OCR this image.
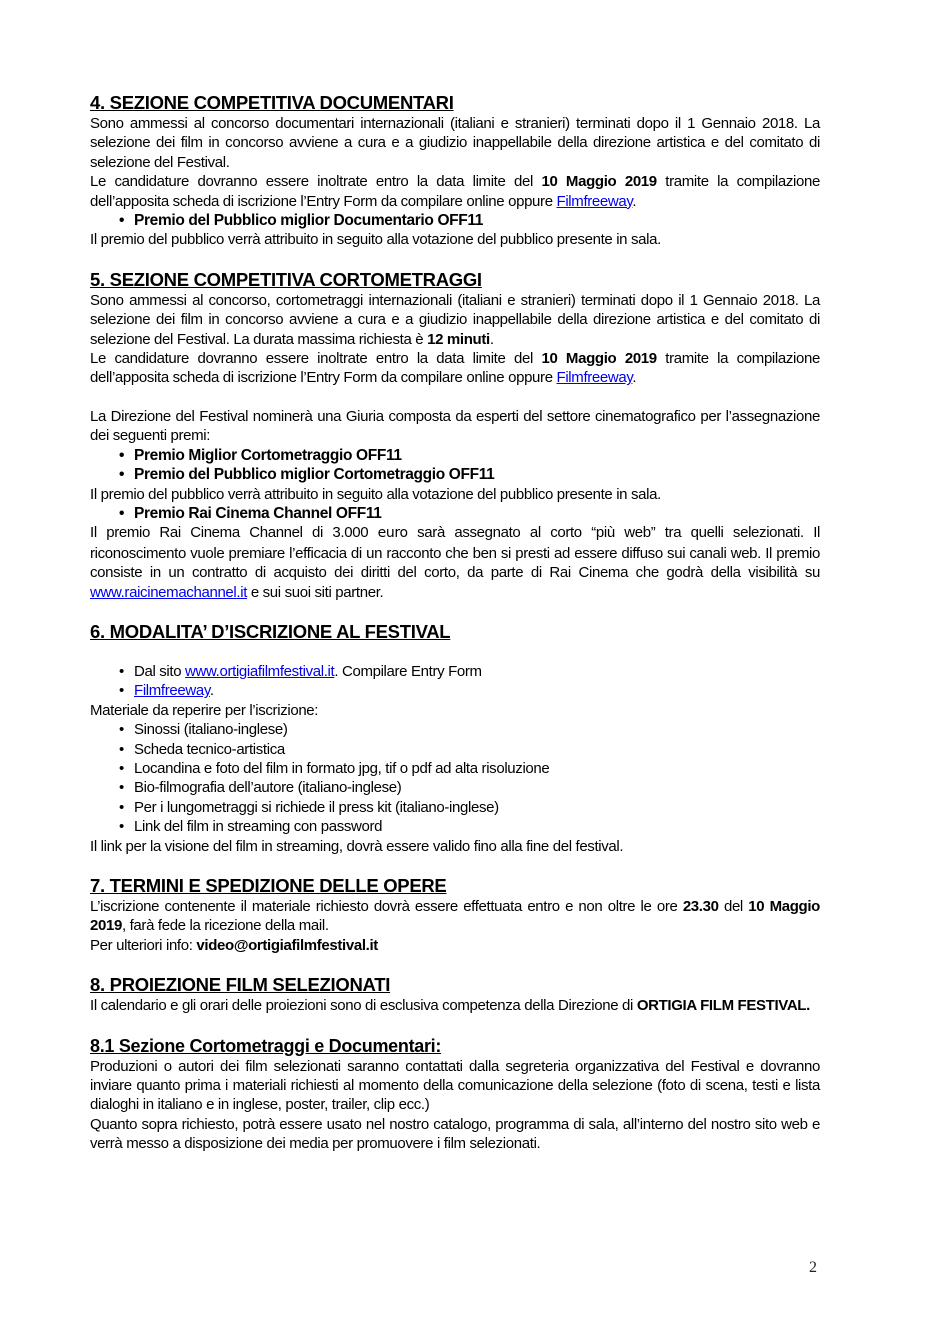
4. SEZIONE COMPETITIVA DOCUMENTARI

Sono ammessi al concorso documentari internazionali (italiani e stranieri) terminati dopo il 1 Gennaio 2018. La selezione dei film in concorso avviene a cura e a giudizio inappellabile della direzione artistica e del comitato di selezione del Festival.

Le candidature dovranno essere inoltrate entro la data limite del 10 Maggio 2019 tramite la compilazione dell’apposita scheda di iscrizione l’Entry Form da compilare online oppure Filmfreeway.

• Premio del Pubblico miglior Documentario OFF11

Il premio del pubblico verrà attribuito in seguito alla votazione del pubblico presente in sala.

5. SEZIONE COMPETITIVA CORTOMETRAGGI

Sono ammessi al concorso, cortometraggi internazionali (italiani e stranieri) terminati dopo il 1 Gennaio 2018. La selezione dei film in concorso avviene a cura e a giudizio inappellabile della direzione artistica e del comitato di selezione del Festival. La durata massima richiesta è 12 minuti.

Le candidature dovranno essere inoltrate entro la data limite del 10 Maggio 2019 tramite la compilazione dell’apposita scheda di iscrizione l’Entry Form da compilare online oppure Filmfreeway.

La Direzione del Festival nominerà una Giuria composta da esperti del settore cinematografico per l’assegnazione dei seguenti premi:

• Premio Miglior Cortometraggio OFF11
• Premio del Pubblico miglior Cortometraggio OFF11

Il premio del pubblico verrà attribuito in seguito alla votazione del pubblico presente in sala.

• Premio Rai Cinema Channel OFF11

Il premio Rai Cinema Channel di 3.000 euro sarà assegnato al corto “più web” tra quelli selezionati. Il riconoscimento vuole premiare l’efficacia di un racconto che ben si presti ad essere diffuso sui canali web. Il premio consiste in un contratto di acquisto dei diritti del corto, da parte di Rai Cinema che godrà della visibilità su www.raicinemachannel.it e sui suoi siti partner.

6. MODALITA’ D’ISCRIZIONE AL FESTIVAL
• Dal sito www.ortigiafilmfestival.it. Compilare Entry Form
• Filmfreeway.

Materiale da reperire per l’iscrizione:

• Sinossi (italiano-inglese)
• Scheda tecnico-artistica
• Locandina e foto del film in formato jpg, tif o pdf ad alta risoluzione
• Bio-filmografia dell’autore (italiano-inglese)
• Per i lungometraggi si richiede il press kit (italiano-inglese)
• Link del film in streaming con password

Il link per la visione del film in streaming, dovrà essere valido fino alla fine del festival.

7. TERMINI E SPEDIZIONE DELLE OPERE

L’iscrizione contenente il materiale richiesto dovrà essere effettuata entro e non oltre le ore 23.30 del 10 Maggio 2019, farà fede la ricezione della mail.

Per ulteriori info: video@ortigiafilmfestival.it

8. PROIEZIONE FILM SELEZIONATI

Il calendario e gli orari delle proiezioni sono di esclusiva competenza della Direzione di ORTIGIA FILM FESTIVAL.

8.1 Sezione Cortometraggi e Documentari:

Produzioni o autori dei film selezionati saranno contattati dalla segreteria organizzativa del Festival e dovranno inviare quanto prima i materiali richiesti al momento della comunicazione della selezione (foto di scena, testi e lista dialoghi in italiano e in inglese, poster, trailer, clip ecc.)

Quanto sopra richiesto, potrà essere usato nel nostro catalogo, programma di sala, all’interno del nostro sito web e verrà messo a disposizione dei media per promuovere i film selezionati.

2
